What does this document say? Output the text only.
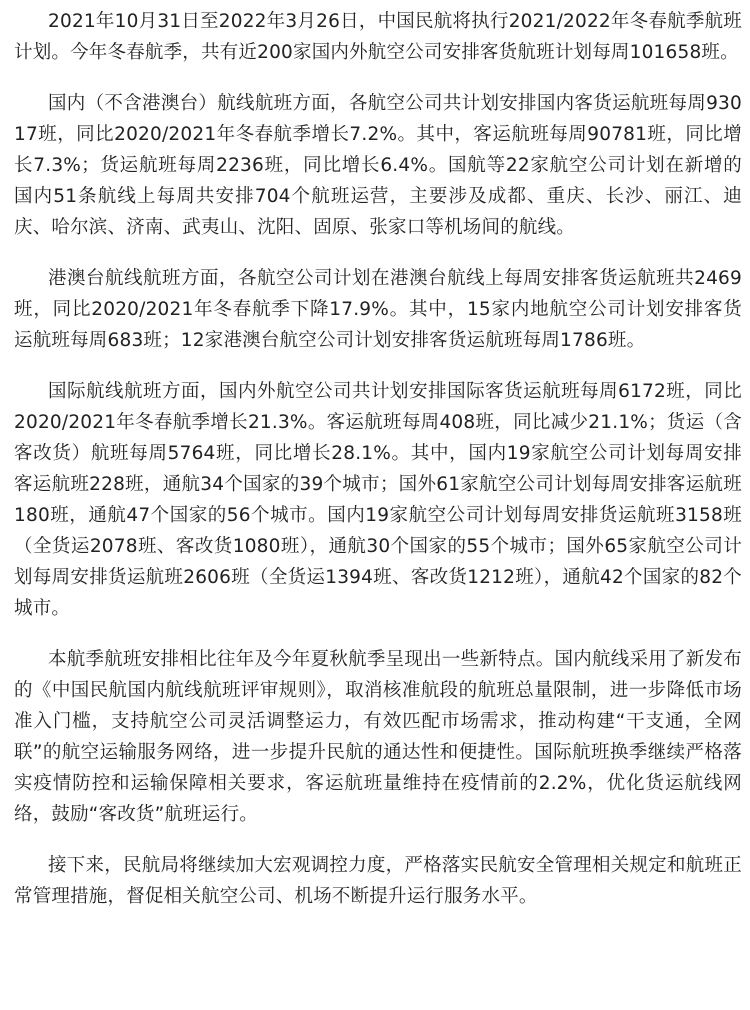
2021年10月31日至2022年3月26日，中国民航将执行2021/2022年冬春航季航班计划。今年冬春航季，共有近200家国内外航空公司安排客货航班计划每周101658班。

国内（不含港澳台）航线航班方面，各航空公司共计划安排国内客货运航班每周93017班，同比2020/2021年冬春航季增长7.2%。其中，客运航班每周90781班，同比增长7.3%；货运航班每周2236班，同比增长6.4%。国航等22家航空公司计划在新增的国内51条航线上每周共安排704个航班运营，主要涉及成都、重庆、长沙、丽江、迪庆、哈尔滨、济南、武夷山、沈阳、固原、张家口等机场间的航线。

港澳台航线航班方面，各航空公司计划在港澳台航线上每周安排客货运航班共2469班，同比2020/2021年冬春航季下降17.9%。其中，15家内地航空公司计划安排客货运航班每周683班；12家港澳台航空公司计划安排客货运航班每周1786班。

国际航线航班方面，国内外航空公司共计划安排国际客货运航班每周6172班，同比2020/2021年冬春航季增长21.3%。客运航班每周408班，同比减少21.1%；货运（含客改货）航班每周5764班，同比增长28.1%。其中，国内19家航空公司计划每周安排客运航班228班，通航34个国家的39个城市；国外61家航空公司计划每周安排客运航班180班，通航47个国家的56个城市。国内19家航空公司计划每周安排货运航班3158班（全货运2078班、客改货1080班），通航30个国家的55个城市；国外65家航空公司计划每周安排货运航班2606班（全货运1394班、客改货1212班），通航42个国家的82个城市。

本航季航班安排相比往年及今年夏秋航季呈现出一些新特点。国内航线采用了新发布的《中国民航国内航线航班评审规则》，取消核准航段的航班总量限制，进一步降低市场准入门槛，支持航空公司灵活调整运力，有效匹配市场需求，推动构建“干支通，全网联”的航空运输服务网络，进一步提升民航的通达性和便捷性。国际航班换季继续严格落实疫情防控和运输保障相关要求，客运航班量维持在疫情前的2.2%，优化货运航线网络，鼓励“客改货”航班运行。

接下来，民航局将继续加大宏观调控力度，严格落实民航安全管理相关规定和航班正常管理措施，督促相关航空公司、机场不断提升运行服务水平。
